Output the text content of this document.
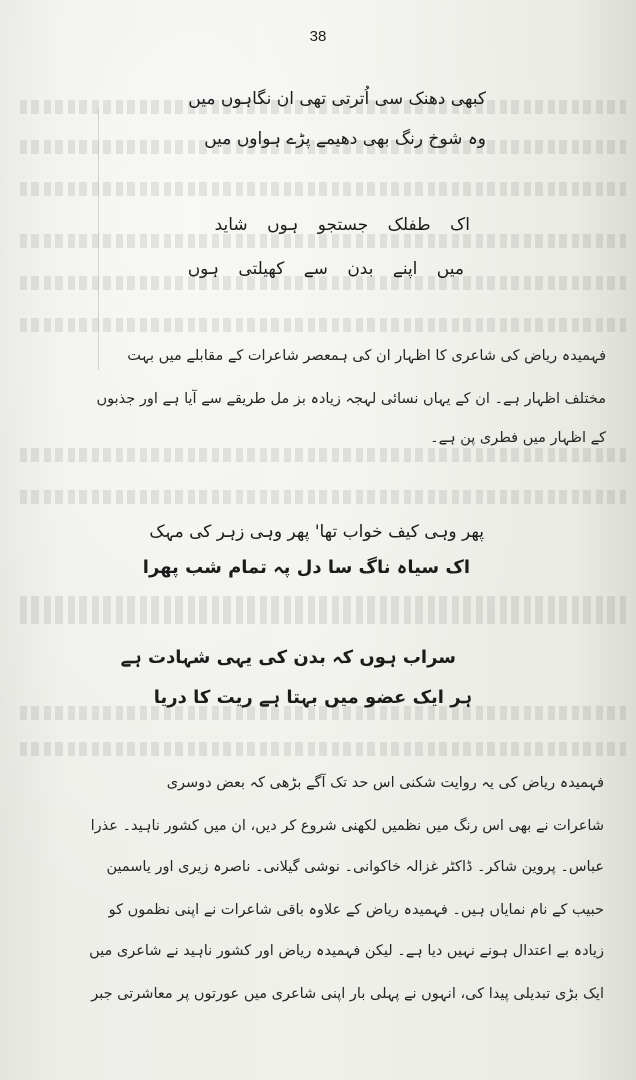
38
کبھی دھنک سی اُترتی تھی ان نگاہوں میں
وہ شوخ رنگ بھی دھیمے پڑے ہواوں میں
اک طفلک جستجو ہوں شاید
میں اپنے بدن سے کھیلتی ہوں
فہمیدہ ریاض کی شاعری کا اظہار ان کی ہمعصر شاعرات کے مقابلے میں بہت
مختلف اظہار ہے۔ ان کے یہاں نسائی لہجہ زیادہ بز مل طریقے سے آیا ہے اور جذبوں
کے اظہار میں فطری پن ہے۔
پھر وہی کیف خواب تھا' پھر وہی زہر کی مہک
اک سیاہ ناگ سا دل پہ تمام شب پھرا
سراب ہوں کہ بدن کی یہی شہادت ہے
ہر ایک عضو میں بہتا ہے ریت کا دریا
فہمیدہ ریاض کی یہ روایت شکنی اس حد تک آگے بڑھی کہ بعض دوسری
شاعرات نے بھی اس رنگ میں نظمیں لکھنی شروع کر دیں، ان میں کشور ناہید۔ عذرا
عباس۔ پروین شاکر۔ ڈاکٹر غزالہ خاکوانی۔ نوشی گیلانی۔ ناصرہ زیری اور یاسمین
حبیب کے نام نمایاں ہیں۔ فہمیدہ ریاض کے علاوہ باقی شاعرات نے اپنی نظموں کو
زیادہ بے اعتدال ہونے نہیں دیا ہے۔ لیکن فہمیدہ ریاض اور کشور ناہید نے شاعری میں
ایک بڑی تبدیلی پیدا کی، انہوں نے پہلی بار اپنی شاعری میں عورتوں پر معاشرتی جبر
